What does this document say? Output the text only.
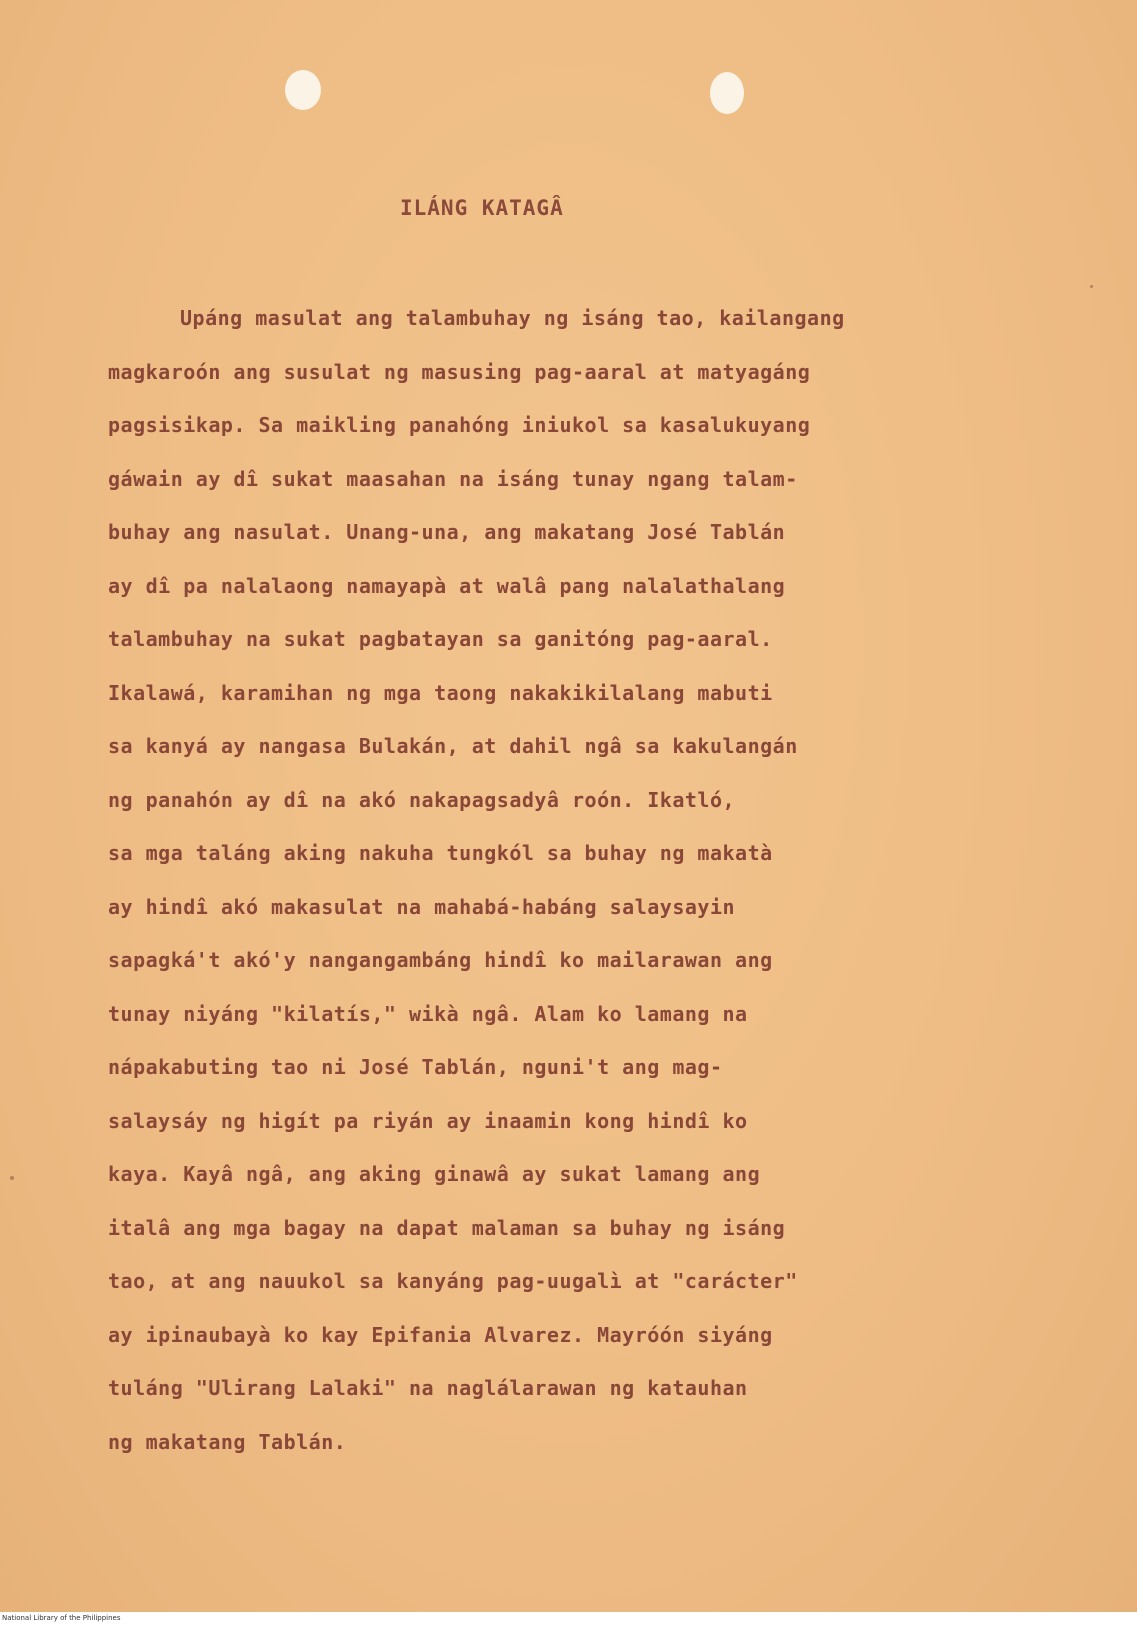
ILÁNG KATAGÂ
Upáng masulat ang talambuhay ng isáng tao, kailangang
magkaroón ang susulat ng masusing pag-aaral at matyagáng
pagsisikap. Sa maikling panahóng iniukol sa kasalukuyang
gáwain ay dî sukat maasahan na isáng tunay ngang talam-
buhay ang nasulat. Unang-una, ang makatang José Tablán
ay dî pa nalalaong namayapà at walâ pang nalalathalang
talambuhay na sukat pagbatayan sa ganitóng pag-aaral.
Ikalawá, karamihan ng mga taong nakakikilalang mabuti
sa kanyá ay nangasa Bulakán, at dahil ngâ sa kakulangán
ng panahón ay dî na akó nakapagsadyâ roón. Ikatló,
sa mga taláng aking nakuha tungkól sa buhay ng makatà
ay hindî akó makasulat na mahabá-habáng salaysayin
sapagká't akó'y nangangambáng hindî ko mailarawan ang
tunay niyáng "kilatís," wikà ngâ. Alam ko lamang na
nápakabuting tao ni José Tablán, nguni't ang mag-
salaysáy ng higít pa riyán ay inaamin kong hindî ko
kaya. Kayâ ngâ, ang aking ginawâ ay sukat lamang ang
italâ ang mga bagay na dapat malaman sa buhay ng isáng
tao, at ang nauukol sa kanyáng pag-uugalì at "carácter"
ay ipinaubayà ko kay Epifania Alvarez. Mayróón siyáng
tuláng "Ulirang Lalaki" na naglálarawan ng katauhan
ng makatang Tablán.
National Library of the Philippines
